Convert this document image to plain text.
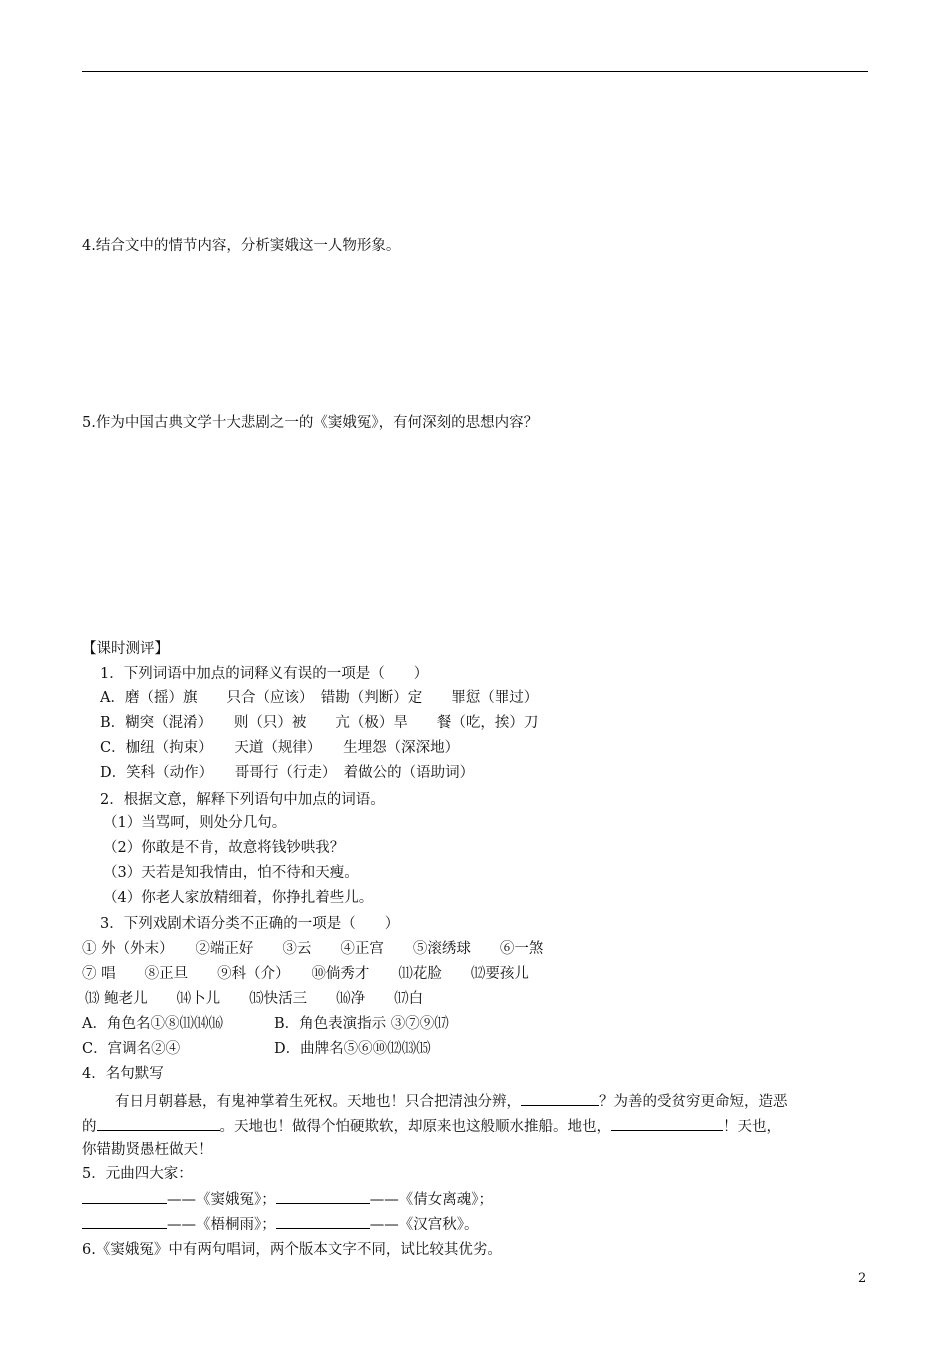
4.结合文中的情节内容，分析窦娥这一人物形象。
5.作为中国古典文学十大悲剧之一的《窦娥冤》，有何深刻的思想内容？
【课时测评】
1．下列词语中加点的词释义有误的一项是（　　）
A．磨（摇）旗　　只合（应该）　错勘（判断）定　　罪愆（罪过）
B．糊突（混淆）　　则（只）被　　亢（极）旱　　餐（吃，挨）刀
C．枷纽（拘束）　　天道（规律）　　生埋怨（深深地）
D．笑科（动作）　　哥哥行（行走）　着做公的（语助词）
2．根据文意，解释下列语句中加点的词语。
（1）当骂呵，则处分几句。
（2）你敢是不肯，故意将钱钞哄我？
（3）天若是知我情由，怕不待和天瘦。
（4）你老人家放精细着，你挣扎着些儿。
3．下列戏剧术语分类不正确的一项是（　　）
① 外（外末）　　②端正好　　③云　　④正宫　　⑤滚绣球　　⑥一煞
⑦ 唱　　⑧正旦　　⑨科（介）　　⑩倘秀才　　⑾花脸　　⑿要孩儿
⒀ 鲍老儿　　⒁卜儿　　⒂快活三　　⒃净　　⒄白
A．角色名①⑧⑾⒁⒃	B．角色表演指示 ③⑦⑨⒄
C．宫调名②④	D．曲牌名⑤⑥⑩⑿⒀⒂
4．名句默写
有日月朝暮悬，有鬼神掌着生死权。天地也！只合把清浊分辨，	？为善的受贫穷更命短，造恶
的	。天地也！做得个怕硬欺软，却原来也这般顺水推船。地也，	！天也，
你错勘贤愚枉做天！
5．元曲四大家：
——《窦娥冤》；	——《倩女离魂》；
——《梧桐雨》；	——《汉宫秋》。
6.《窦娥冤》中有两句唱词，两个版本文字不同，试比较其优劣。
2
